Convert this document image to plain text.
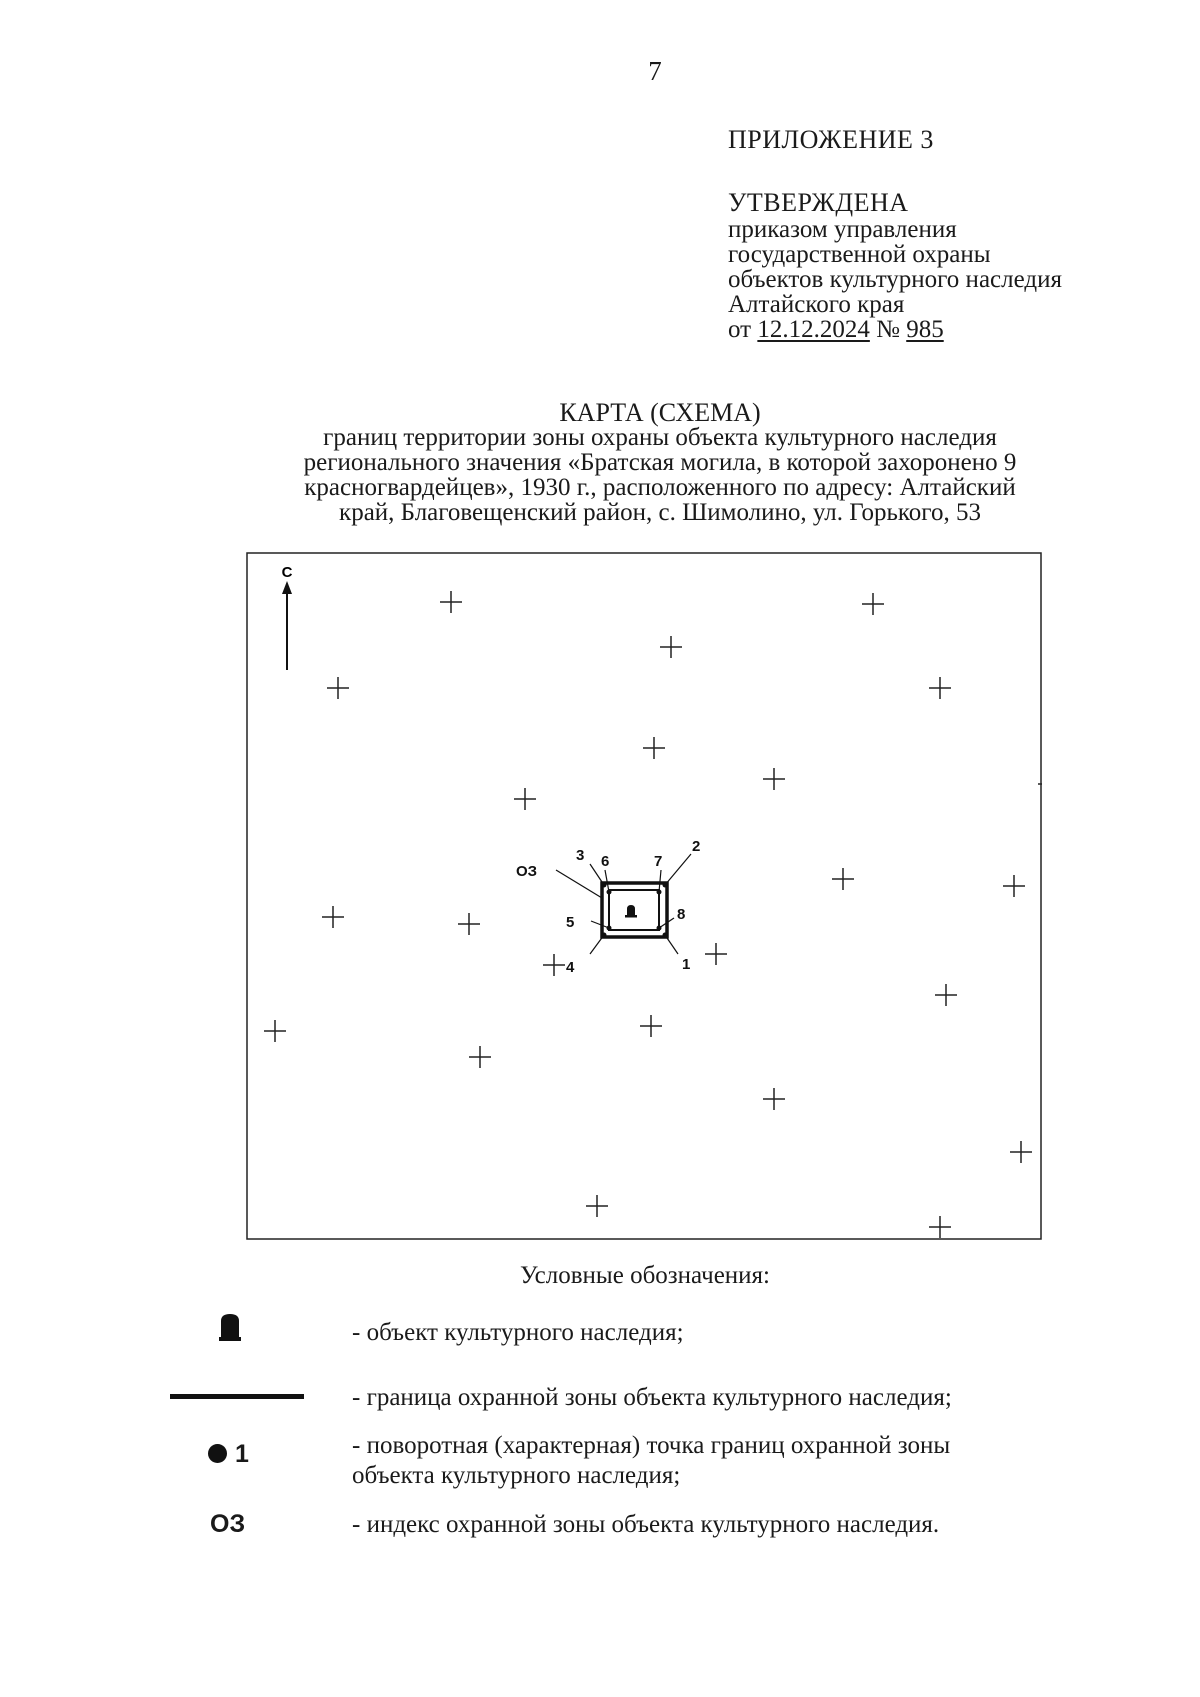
7
ПРИЛОЖЕНИЕ 3
УТВЕРЖДЕНА
приказом управления
государственной охраны
объектов культурного наследия
Алтайского края
от 12.12.2024 № 985
КАРТА (СХЕМА)
границ территории зоны охраны объекта культурного наследия
регионального значения «Братская могила, в которой захоронено 9
красногвардейцев», 1930 г., расположенного по адресу: Алтайский
край, Благовещенский район, с. Шимолино, ул. Горького, 53
С
1
2
3
4
5
6	7
8
ОЗ
Условные обозначения:
- объект культурного наследия;
- граница охранной зоны объекта культурного наследия;
1	- поворотная (характерная) точка границ охранной зоны
объекта культурного наследия;
ОЗ	- индекс охранной зоны объекта культурного наследия.
